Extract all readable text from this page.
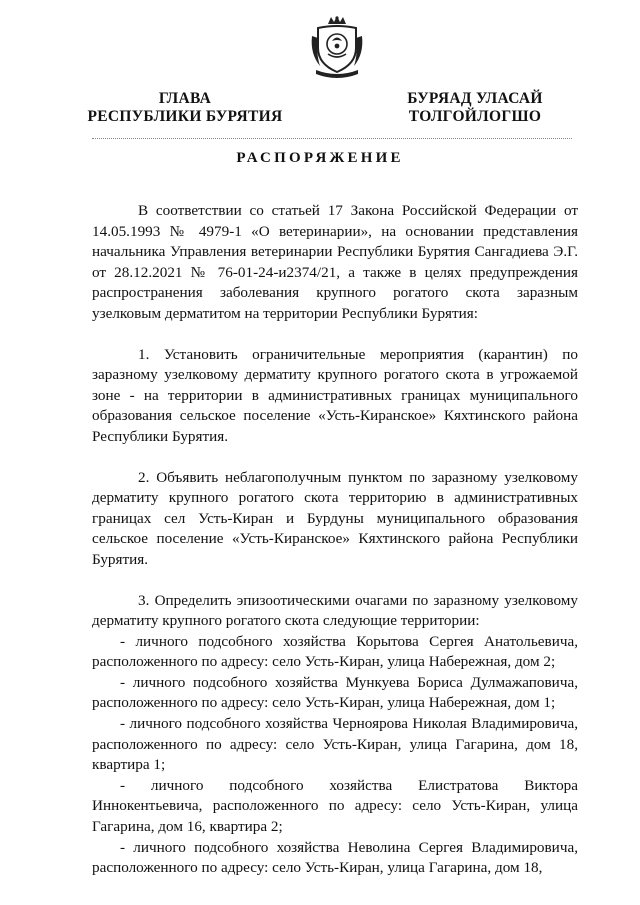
ГЛАВА
РЕСПУБЛИКИ БУРЯТИЯ
БУРЯАД УЛАСАЙ
ТОЛГОЙЛОГШО
РАСПОРЯЖЕНИЕ

В соответствии со статьей 17 Закона Российской Федерации от 14.05.1993 № 4979-1 «О ветеринарии», на основании представления начальника Управления ветеринарии Республики Бурятия Сангадиева Э.Г. от 28.12.2021 № 76-01-24-и2374/21, а также в целях предупреждения распространения заболевания крупного рогатого скота заразным узелковым дерматитом на территории Республики Бурятия:

1. Установить ограничительные мероприятия (карантин) по заразному узелковому дерматиту крупного рогатого скота в угрожаемой зоне - на территории в административных границах муниципального образования сельское поселение «Усть-Киранское» Кяхтинского района Республики Бурятия.

2. Объявить неблагополучным пунктом по заразному узелковому дерматиту крупного рогатого скота территорию в административных границах сел Усть-Киран и Бурдуны муниципального образования сельское поселение «Усть-Киранское» Кяхтинского района Республики Бурятия.

3. Определить эпизоотическими очагами по заразному узелковому дерматиту крупного рогатого скота следующие территории:

- личного подсобного хозяйства Корытова Сергея Анатольевича, расположенного по адресу: село Усть-Киран, улица Набережная, дом 2;

- личного подсобного хозяйства Мункуева Бориса Дулмажаповича, расположенного по адресу: село Усть-Киран, улица Набережная, дом 1;

- личного подсобного хозяйства Черноярова Николая Владимировича, расположенного по адресу: село Усть-Киран, улица Гагарина, дом 18, квартира 1;

- личного подсобного хозяйства Елистратова Виктора Иннокентьевича, расположенного по адресу: село Усть-Киран, улица Гагарина, дом 16, квартира 2;

- личного подсобного хозяйства Неволина Сергея Владимировича, расположенного по адресу: село Усть-Киран, улица Гагарина, дом 18,
